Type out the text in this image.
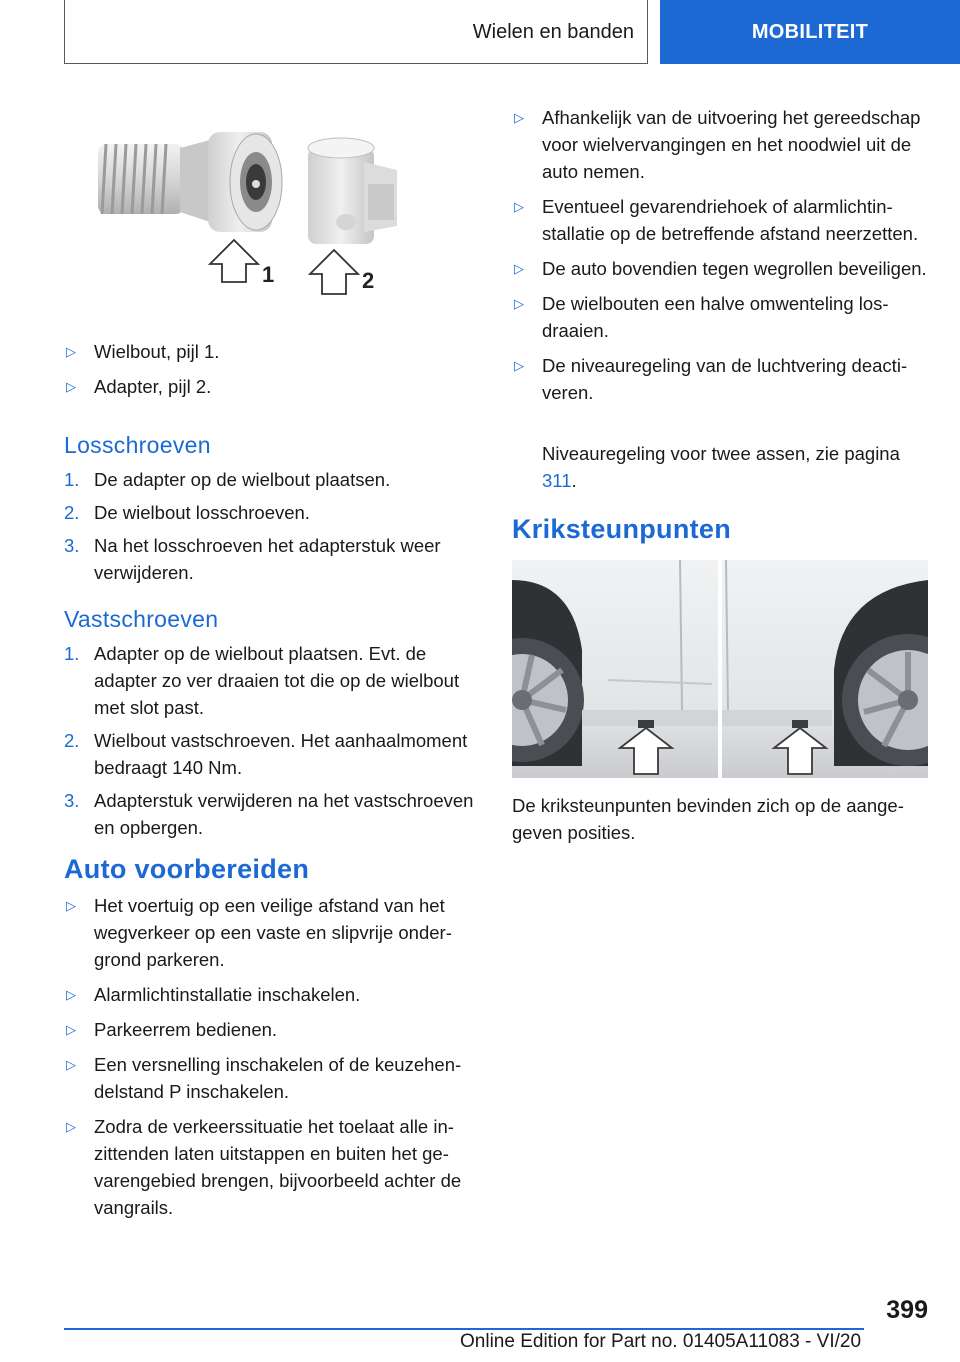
Wielen en banden	MOBILITEIT
1	2
▷ Wielbout, pijl 1.
▷ Adapter, pijl 2.
Losschroeven
1. De adapter op de wielbout plaatsen.
2. De wielbout losschroeven.
3. Na het losschroeven het adapterstuk weer verwijderen.
Vastschroeven
1. Adapter op de wielbout plaatsen. Evt. de adapter zo ver draaien tot die op de wielbout met slot past.
2. Wielbout vastschroeven. Het aanhaalmoment bedraagt 140 Nm.
3. Adapterstuk verwijderen na het vastschroeven en opbergen.
Auto voorbereiden
▷ Het voertuig op een veilige afstand van het wegverkeer op een vaste en slipvrije ondergrond parkeren.
▷ Alarmlichtinstallatie inschakelen.
▷ Parkeerrem bedienen.
▷ Een versnelling inschakelen of de keuzehendelstand P inschakelen.
▷ Zodra de verkeerssituatie het toelaat alle inzittenden laten uitstappen en buiten het gevarengebied brengen, bijvoorbeeld achter de vangrails.
▷ Afhankelijk van de uitvoering het gereedschap voor wielvervangingen en het noodwiel uit de auto nemen.
▷ Eventueel gevarendriehoek of alarmlichtinstallatie op de betreffende afstand neerzetten.
▷ De auto bovendien tegen wegrollen beveiligen.
▷ De wielbouten een halve omwenteling losdraaien.
▷ De niveauregeling van de luchtvering deactiveren.
Niveauregeling voor twee assen, zie pagina 311.
Kriksteunpunten
De kriksteunpunten bevinden zich op de aangegeven posities.
399
Online Edition for Part no. 01405A11083 - VI/20
